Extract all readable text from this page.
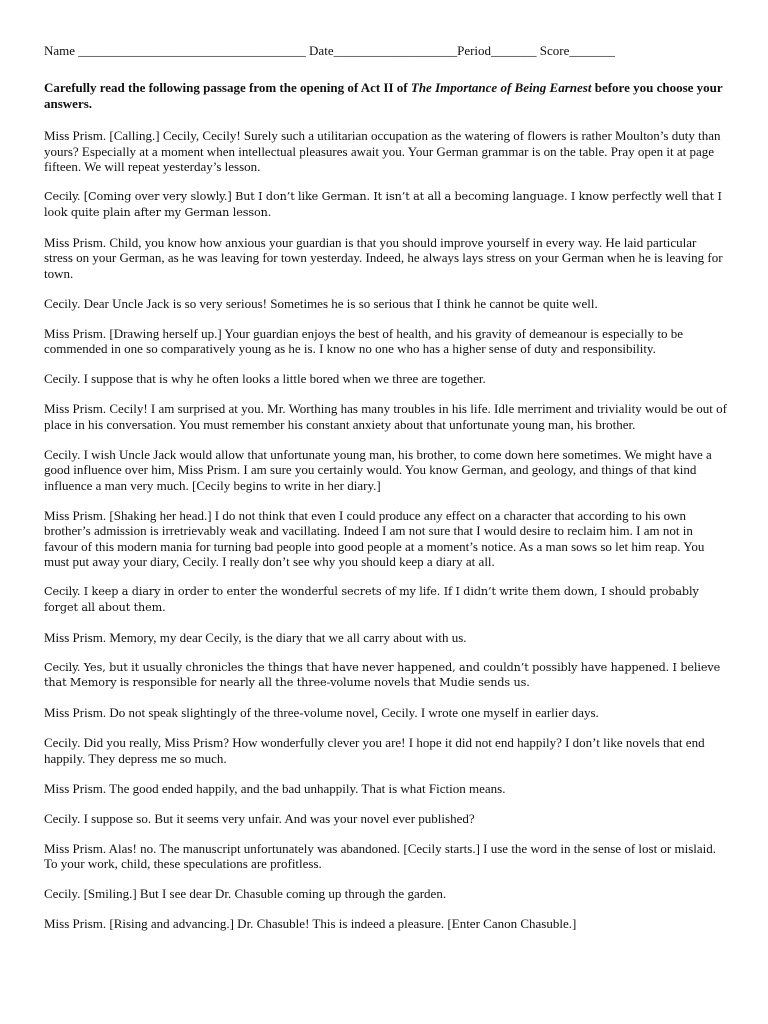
Name ___________________________________ Date___________________Period_______ Score_______
Carefully read the following passage from the opening of Act II of The Importance of Being Earnest before you choose your answers.

Miss Prism. [Calling.] Cecily, Cecily! Surely such a utilitarian occupation as the watering of flowers is rather Moulton’s duty than yours? Especially at a moment when intellectual pleasures await you. Your German grammar is on the table. Pray open it at page fifteen. We will repeat yesterday’s lesson.

Cecily. [Coming over very slowly.] But I don’t like German. It isn’t at all a becoming language. I know perfectly well that I look quite plain after my German lesson.

Miss Prism. Child, you know how anxious your guardian is that you should improve yourself in every way. He laid particular stress on your German, as he was leaving for town yesterday. Indeed, he always lays stress on your German when he is leaving for town.

Cecily. Dear Uncle Jack is so very serious! Sometimes he is so serious that I think he cannot be quite well.

Miss Prism. [Drawing herself up.] Your guardian enjoys the best of health, and his gravity of demeanour is especially to be commended in one so comparatively young as he is. I know no one who has a higher sense of duty and responsibility.

Cecily. I suppose that is why he often looks a little bored when we three are together.

Miss Prism. Cecily! I am surprised at you. Mr. Worthing has many troubles in his life. Idle merriment and triviality would be out of place in his conversation. You must remember his constant anxiety about that unfortunate young man, his brother.

Cecily. I wish Uncle Jack would allow that unfortunate young man, his brother, to come down here sometimes. We might have a good influence over him, Miss Prism. I am sure you certainly would. You know German, and geology, and things of that kind influence a man very much. [Cecily begins to write in her diary.]

Miss Prism. [Shaking her head.] I do not think that even I could produce any effect on a character that according to his own brother’s admission is irretrievably weak and vacillating. Indeed I am not sure that I would desire to reclaim him. I am not in favour of this modern mania for turning bad people into good people at a moment’s notice. As a man sows so let him reap. You must put away your diary, Cecily. I really don’t see why you should keep a diary at all.

Cecily. I keep a diary in order to enter the wonderful secrets of my life. If I didn’t write them down, I should probably forget all about them.

Miss Prism. Memory, my dear Cecily, is the diary that we all carry about with us.

Cecily. Yes, but it usually chronicles the things that have never happened, and couldn’t possibly have happened. I believe that Memory is responsible for nearly all the three-volume novels that Mudie sends us.

Miss Prism. Do not speak slightingly of the three-volume novel, Cecily. I wrote one myself in earlier days.

Cecily. Did you really, Miss Prism? How wonderfully clever you are! I hope it did not end happily? I don’t like novels that end happily. They depress me so much.

Miss Prism. The good ended happily, and the bad unhappily. That is what Fiction means.

Cecily. I suppose so. But it seems very unfair. And was your novel ever published?

Miss Prism. Alas! no. The manuscript unfortunately was abandoned. [Cecily starts.] I use the word in the sense of lost or mislaid. To your work, child, these speculations are profitless.

Cecily. [Smiling.] But I see dear Dr. Chasuble coming up through the garden.

Miss Prism. [Rising and advancing.] Dr. Chasuble! This is indeed a pleasure. [Enter Canon Chasuble.]
